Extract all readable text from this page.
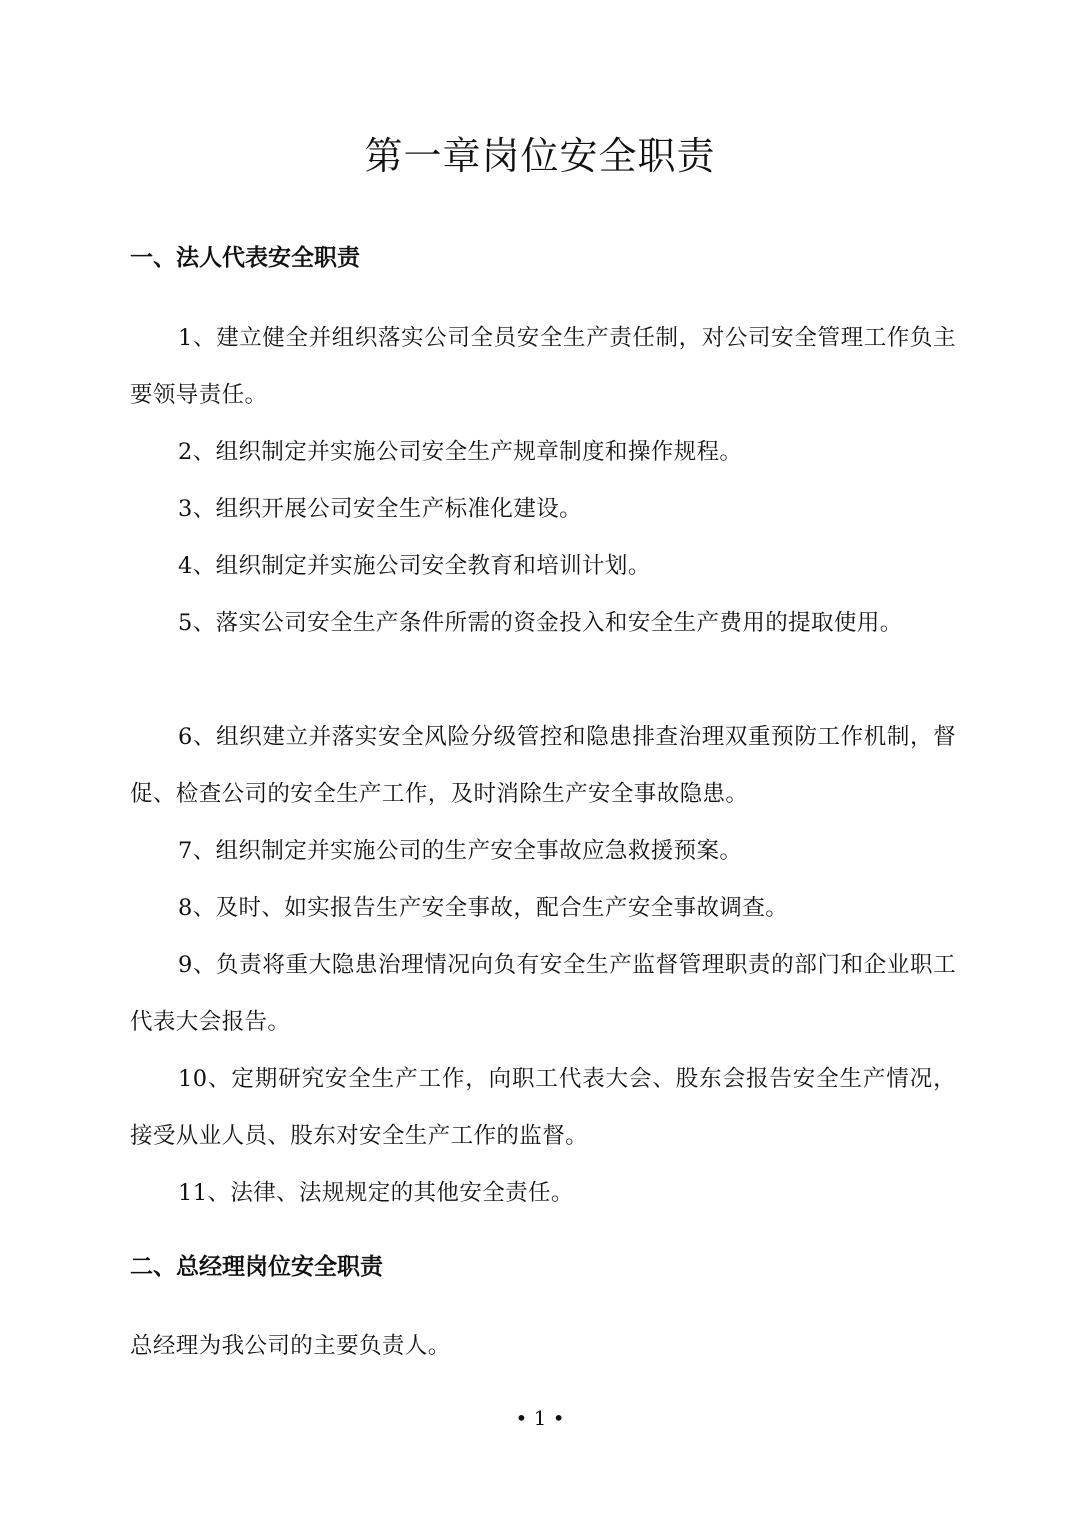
第一章岗位安全职责
一、法人代表安全职责

1、建立健全并组织落实公司全员安全生产责任制，对公司安全管理工作负主要领导责任。

2、组织制定并实施公司安全生产规章制度和操作规程。

3、组织开展公司安全生产标准化建设。

4、组织制定并实施公司安全教育和培训计划。

5、落实公司安全生产条件所需的资金投入和安全生产费用的提取使用。

6、组织建立并落实安全风险分级管控和隐患排查治理双重预防工作机制，督促、检查公司的安全生产工作，及时消除生产安全事故隐患。

7、组织制定并实施公司的生产安全事故应急救援预案。

8、及时、如实报告生产安全事故，配合生产安全事故调查。

9、负责将重大隐患治理情况向负有安全生产监督管理职责的部门和企业职工代表大会报告。

10、定期研究安全生产工作，向职工代表大会、股东会报告安全生产情况，接受从业人员、股东对安全生产工作的监督。

11、法律、法规规定的其他安全责任。

二、总经理岗位安全职责

总经理为我公司的主要负责人。

• 1 •
